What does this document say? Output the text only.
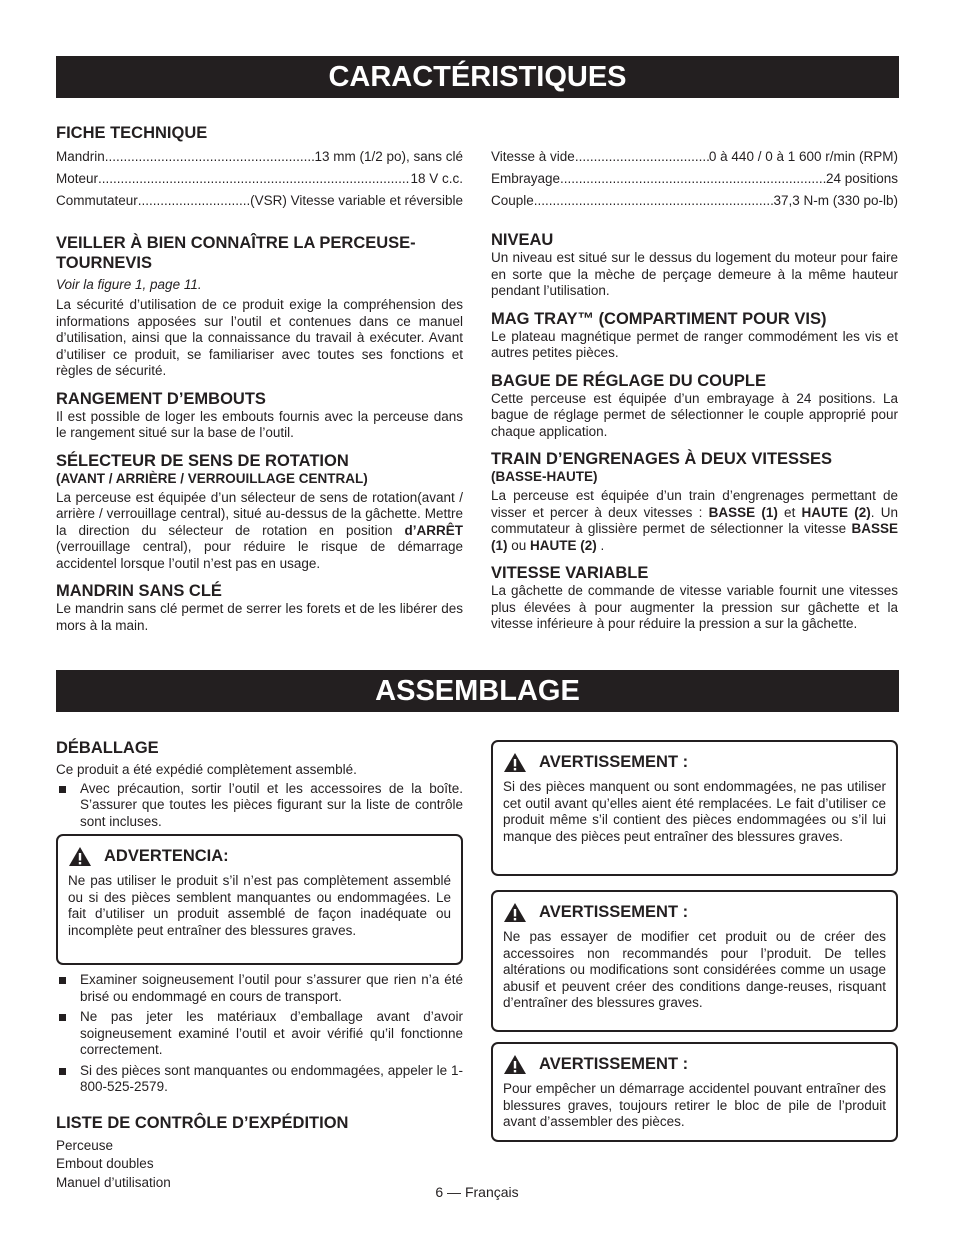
CARACTÉRISTIQUES
FICHE TECHNIQUE
Mandrin .....	13 mm (1/2 po), sans clé
Moteur .....	18 V c.c.
Commutateur .....	(VSR) Vitesse variable et réversible
VEILLER À BIEN CONNAÎTRE LA PERCEUSE-TOURNEVIS
Voir la figure 1, page 11.
La sécurité d’utilisation de ce produit exige la compréhension des informations apposées sur l’outil et contenues dans ce manuel d’utilisation, ainsi que la connaissance du travail à exécuter. Avant d’utiliser ce produit, se familiariser avec toutes ses fonctions et règles de sécurité.
RANGEMENT D’EMBOUTS
Il est possible de loger les embouts fournis avec la perceuse dans le rangement situé sur la base de l’outil.
SÉLECTEUR DE SENS DE ROTATION
(AVANT / ARRIÈRE / VERROUILLAGE CENTRAL)
La perceuse est équipée d’un sélecteur de sens de rotation(avant / arrière / verrouillage central), situé au-dessus de la gâchette. Mettre la direction du sélecteur de rotation en position d’ARRÊT (verrouillage central), pour réduire le risque de démarrage accidentel lorsque l’outil n’est pas en usage.
MANDRIN SANS CLÉ
Le mandrin sans clé permet de serrer les forets et de les libérer des mors à la main.
Vitesse à vide .....	0 à 440 / 0 à 1 600 r/min (RPM)
Embrayage .....	24 positions
Couple .....	37,3 N-m (330 po-lb)
NIVEAU
Un niveau est situé sur le dessus du logement du moteur pour faire en sorte que la mèche de perçage demeure à la même hauteur pendant l’utilisation.
MAG TRAY™ (COMPARTIMENT POUR VIS)
Le plateau magnétique permet de ranger commodément les vis et autres petites pièces.
BAGUE DE RÉGLAGE DU COUPLE
Cette perceuse est équipée d’un embrayage à 24 positions. La bague de réglage permet de sélectionner le couple approprié pour chaque application.
TRAIN D’ENGRENAGES À DEUX VITESSES
(BASSE-HAUTE)
La perceuse est équipée d’un train d’engrenages permettant de visser et percer à deux vitesses : BASSE (1) et HAUTE (2). Un commutateur à glissière permet de sélectionner la vitesse BASSE (1) ou HAUTE (2) .
VITESSE VARIABLE
La gâchette de commande de vitesse variable fournit une vitesses plus élevées à pour augmenter la pression sur gâchette et la vitesse inférieure à pour réduire la pression a sur la gâchette.
ASSEMBLAGE
DÉBALLAGE
Ce produit a été expédié complètement assemblé.
Avec précaution, sortir l’outil et les accessoires de la boîte. S’assurer que toutes les pièces figurant sur la liste de contrôle sont incluses.
ADVERTENCIA:
Ne pas utiliser le produit s’il n’est pas complètement assemblé ou si des pièces semblent manquantes ou endommagées. Le fait d’utiliser un produit assemblé de façon inadéquate ou incomplète peut entraîner des blessures graves.
Examiner soigneusement l’outil pour s’assurer que rien n’a été brisé ou endommagé en cours de transport.
Ne pas jeter les matériaux d’emballage avant d’avoir soigneusement examiné l’outil et avoir vérifié qu’il fonctionne correctement.
Si des pièces sont manquantes ou endommagées, appeler le 1-800-525-2579.
LISTE DE CONTRÔLE D’EXPÉDITION
Perceuse
Embout doubles
Manuel d’utilisation
AVERTISSEMENT :
Si des pièces manquent ou sont endommagées, ne pas utiliser cet outil avant qu’elles aient été remplacées. Le fait d’utiliser ce produit même s’il contient des pièces endommagées ou s’il lui manque des pièces peut entraîner des blessures graves.
AVERTISSEMENT :
Ne pas essayer de modifier cet produit ou de créer des accessoires non recommandés pour l’produit. De telles altérations ou modifications sont considérées comme un usage abusif et peuvent créer des conditions dange-reuses, risquant d’entraîner des blessures graves.
AVERTISSEMENT :
Pour empêcher un démarrage accidentel pouvant entraîner des blessures graves, toujours retirer le bloc de pile de l’produit avant d’assembler des pièces.
6 — Français
